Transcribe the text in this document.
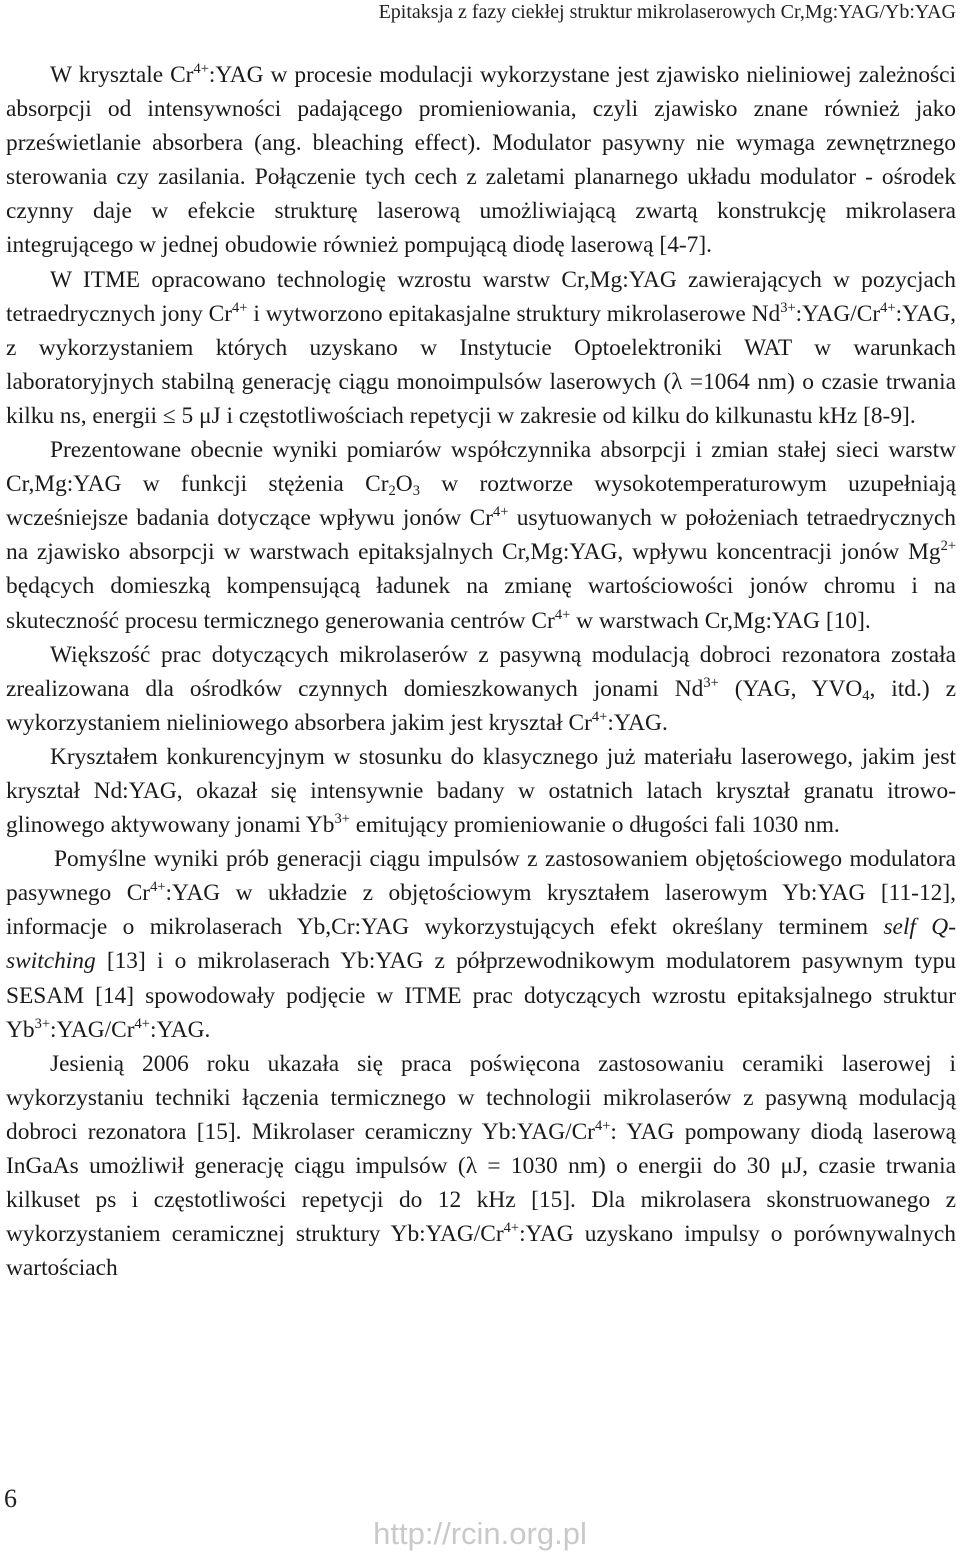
Epitaksja z fazy ciekłej struktur mikrolaserowych Cr,Mg:YAG/Yb:YAG

W krysztale $Cr^{4+}:YAG$ w procesie modulacji wykorzystane jest zjawisko nieliniowej zależności absorpcji od intensywności padającego promieniowania, czyli zjawisko znane również jako prześwietlanie absorbera (ang. bleaching effect). Modulator pasywny nie wymaga zewnętrznego sterowania czy zasilania. Połączenie tych cech z zaletami planarnego układu modulator - ośrodek czynny daje w efekcie strukturę laserową umożliwiającą zwartą konstrukcję mikrolasera integrującego w jednej obudowie również pompującą diodę laserową [4-7].

W ITME opracowano technologię wzrostu warstw Cr,Mg:YAG zawierających w pozycjach tetraedrycznych jony $Cr^{4+}$ i wytworzono epitakasjalne struktury mikrolaserowe $Nd^{3+}:YAG/Cr^{4+}:YAG$, z wykorzystaniem których uzyskano w Instytucie Optoelektroniki WAT w warunkach laboratoryjnych stabilną generację ciągu monoimpulsów laserowych (λ =1064 nm) o czasie trwania kilku ns, energii ≤ 5 μJ i częstotliwościach repetycji w zakresie od kilku do kilkunastu kHz [8-9].

Prezentowane obecnie wyniki pomiarów współczynnika absorpcji i zmian stałej sieci warstw Cr,Mg:YAG w funkcji stężenia $Cr_2O_3$ w roztworze wysokotemperaturowym uzupełniają wcześniejsze badania dotyczące wpływu jonów $Cr^{4+}$ usytuowanych w położeniach tetraedrycznych na zjawisko absorpcji w warstwach epitaksjalnych Cr,Mg:YAG, wpływu koncentracji jonów $Mg^{2+}$ będących domieszką kompensującą ładunek na zmianę wartościowości jonów chromu i na skuteczność procesu termicznego generowania centrów $Cr^{4+}$ w warstwach Cr,Mg:YAG [10].

Większość prac dotyczących mikrolaserów z pasywną modulacją dobroci rezonatora została zrealizowana dla ośrodków czynnych domieszkowanych jonami $Nd^{3+}$ (YAG, $YVO_4$, itd.) z wykorzystaniem nieliniowego absorbera jakim jest kryształ $Cr^{4+}:YAG$.

Kryształem konkurencyjnym w stosunku do klasycznego już materiału laserowego, jakim jest kryształ Nd:YAG, okazał się intensywnie badany w ostatnich latach kryształ granatu itrowo-glinowego aktywowany jonami $Yb^{3+}$ emitujący promieniowanie o długości fali 1030 nm.

Pomyślne wyniki prób generacji ciągu impulsów z zastosowaniem objętościowego modulatora pasywnego $Cr^{4+}:YAG$ w układzie z objętościowym kryształem laserowym Yb:YAG [11-12], informacje o mikrolaserach Yb,Cr:YAG wykorzystujących efekt określany terminem self Q-switching [13] i o mikrolaserach Yb:YAG z półprzewodnikowym modulatorem pasywnym typu SESAM [14] spowodowały podjęcie w ITME prac dotyczących wzrostu epitaksjalnego struktur $Yb^{3+}:YAG/Cr^{4+}:YAG$.

Jesienią 2006 roku ukazała się praca poświęcona zastosowaniu ceramiki laserowej i wykorzystaniu techniki łączenia termicznego w technologii mikrolaserów z pasywną modulacją dobroci rezonatora [15]. Mikrolaser ceramiczny $Yb:YAG/Cr^{4+}$: YAG pompowany diodą laserową InGaAs umożliwił generację ciągu impulsów (λ = 1030 nm) o energii do 30 μJ, czasie trwania kilkuset ps i częstotliwości repetycji do 12 kHz [15]. Dla mikrolasera skonstruowanego z wykorzystaniem ceramicznej struktury $Yb:YAG/Cr^{4+}:YAG$ uzyskano impulsy o porównywalnych wartościach

6
http://rcin.org.pl
